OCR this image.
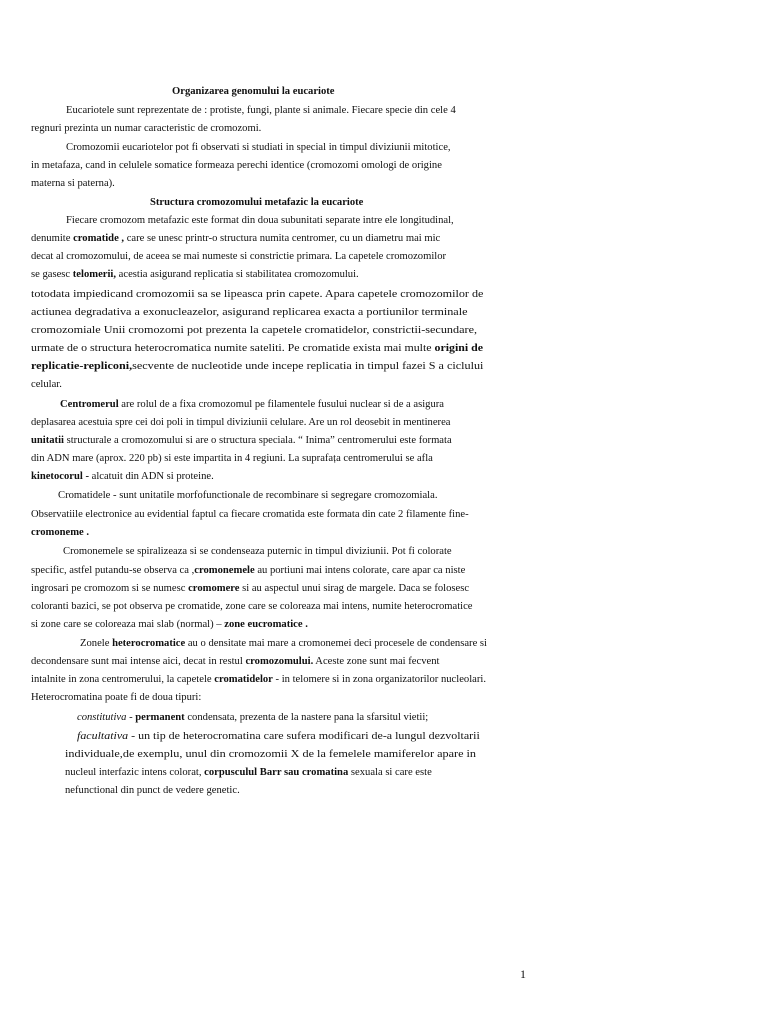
Organizarea genomului la eucariote
Structura cromozomului metafazic la eucariote
Eucariotele sunt reprezentate de : protiste, fungi, plante si animale. Fiecare specie din cele 4
regnuri prezinta un numar caracteristic de cromozomi.
Cromozomii eucariotelor pot fi observati si studiati in special in timpul diviziunii mitotice,
in metafaza, cand in celulele somatice formeaza perechi identice (cromozomi omologi de origine
materna si paterna).
Fiecare cromozom metafazic este format din doua subunitati separate intre ele longitudinal,
denumite cromatide , care se unesc printr-o structura numita centromer, cu un diametru mai mic
decat al cromozomului, de aceea se mai numeste si constrictie primara. La capetele cromozomilor
se gasesc telomerii, acestia asigurand replicatia si stabilitatea cromozomului.
totodata impiedicand cromozomii sa se lipeasca prin capete. Apara capetele cromozomilor de
actiunea degradativa a exonucleazelor, asigurand replicarea exacta a portiunilor terminale
cromozomiale Unii cromozomi pot prezenta la capetele cromatidelor, constrictii-secundare,
urmate de o structura heterocromatica numite sateliti. Pe cromatide exista mai multe origini de
replicatie-repliconi,secvente de nucleotide unde incepe replicatia in timpul fazei S a ciclului
celular.
Centromerul are rolul de a fixa cromozomul pe filamentele fusului nuclear si de a asigura
deplasarea acestuia spre cei doi poli in timpul diviziunii celulare. Are un rol deosebit in mentinerea
unitatii structurale a cromozomului si are o structura speciala. “ Inima” centromerului este formata
din ADN mare (aprox. 220 pb) si este impartita in 4 regiuni. La suprafața centromerului se afla
kinetocorul - alcatuit din ADN si proteine.
Cromatidele - sunt unitatile morfofunctionale de recombinare si segregare cromozomiala.
Observatiile electronice au evidential faptul ca fiecare cromatida este formata din cate 2 filamente fine-
cromoneme .
Cromonemele se spiralizeaza si se condenseaza puternic in timpul diviziunii. Pot fi colorate
specific, astfel putandu-se observa ca ,cromonemele au portiuni mai intens colorate, care apar ca niste
ingrosari pe cromozom si se numesc cromomere si au aspectul unui sirag de margele. Daca se folosesc
coloranti bazici, se pot observa pe cromatide, zone care se coloreaza mai intens, numite heterocromatice
si zone care se coloreaza mai slab (normal) – zone eucromatice .
Zonele heterocromatice au o densitate mai mare a cromonemei deci procesele de condensare si
decondensare sunt mai intense aici, decat in restul cromozomului. Aceste zone sunt mai fecvent
intalnite in zona centromerului, la capetele cromatidelor - in telomere si in zona organizatorilor nucleolari.
Heterocromatina poate fi de doua tipuri:
constitutiva - permanent condensata, prezenta de la nastere pana la sfarsitul vietii;
facultativa - un tip de heterocromatina care sufera modificari de-a lungul dezvoltarii
individuale,de exemplu, unul din cromozomii X de la femelele mamiferelor apare in
nucleul interfazic intens colorat, corpusculul Barr sau cromatina sexuala si care este
nefunctional din punct de vedere genetic.
1
